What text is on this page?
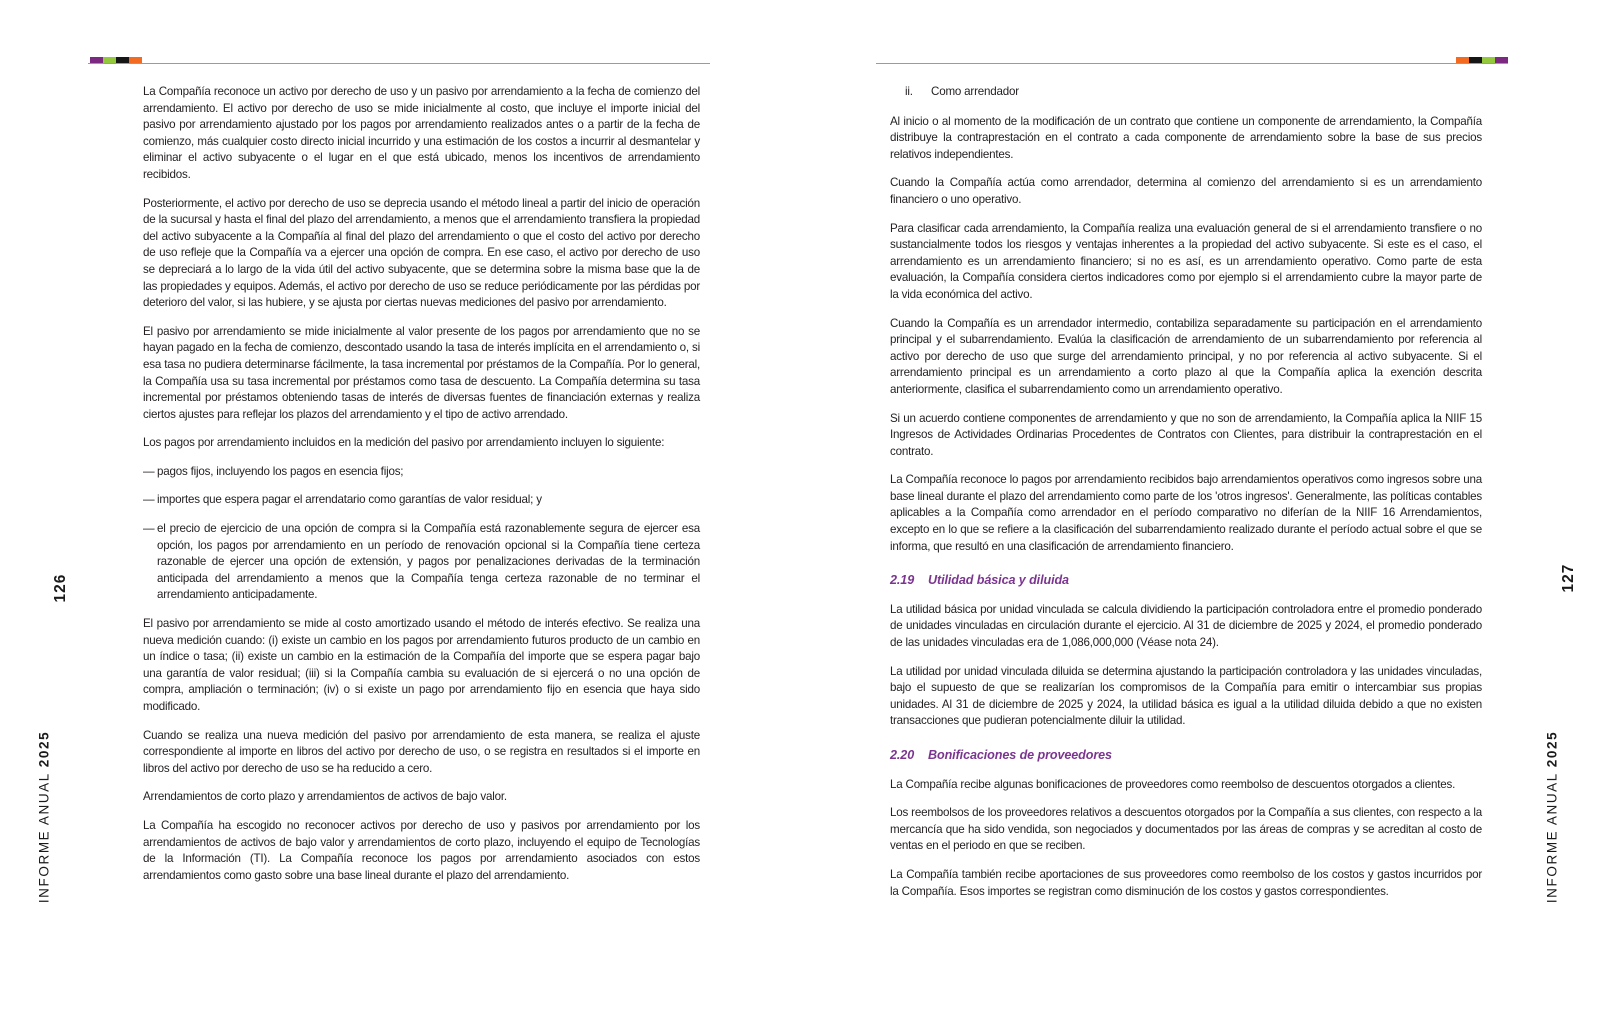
La Compañía reconoce un activo por derecho de uso y un pasivo por arrendamiento a la fecha de comienzo del arrendamiento. El activo por derecho de uso se mide inicialmente al costo, que incluye el importe inicial del pasivo por arrendamiento ajustado por los pagos por arrendamiento realizados antes o a partir de la fecha de comienzo, más cualquier costo directo inicial incurrido y una estimación de los costos a incurrir al desmantelar y eliminar el activo subyacente o el lugar en el que está ubicado, menos los incentivos de arrendamiento recibidos.

Posteriormente, el activo por derecho de uso se deprecia usando el método lineal a partir del inicio de operación de la sucursal y hasta el final del plazo del arrendamiento, a menos que el arrendamiento transfiera la propiedad del activo subyacente a la Compañía al final del plazo del arrendamiento o que el costo del activo por derecho de uso refleje que la Compañía va a ejercer una opción de compra. En ese caso, el activo por derecho de uso se depreciará a lo largo de la vida útil del activo subyacente, que se determina sobre la misma base que la de las propiedades y equipos. Además, el activo por derecho de uso se reduce periódicamente por las pérdidas por deterioro del valor, si las hubiere, y se ajusta por ciertas nuevas mediciones del pasivo por arrendamiento.

El pasivo por arrendamiento se mide inicialmente al valor presente de los pagos por arrendamiento que no se hayan pagado en la fecha de comienzo, descontado usando la tasa de interés implícita en el arrendamiento o, si esa tasa no pudiera determinarse fácilmente, la tasa incremental por préstamos de la Compañía. Por lo general, la Compañía usa su tasa incremental por préstamos como tasa de descuento. La Compañía determina su tasa incremental por préstamos obteniendo tasas de interés de diversas fuentes de financiación externas y realiza ciertos ajustes para reflejar los plazos del arrendamiento y el tipo de activo arrendado.

Los pagos por arrendamiento incluidos en la medición del pasivo por arrendamiento incluyen lo siguiente:

— pagos fijos, incluyendo los pagos en esencia fijos;
— importes que espera pagar el arrendatario como garantías de valor residual; y
— el precio de ejercicio de una opción de compra si la Compañía está razonablemente segura de ejercer esa opción, los pagos por arrendamiento en un período de renovación opcional si la Compañía tiene certeza razonable de ejercer una opción de extensión, y pagos por penalizaciones derivadas de la terminación anticipada del arrendamiento a menos que la Compañía tenga certeza razonable de no terminar el arrendamiento anticipadamente.

El pasivo por arrendamiento se mide al costo amortizado usando el método de interés efectivo. Se realiza una nueva medición cuando: (i) existe un cambio en los pagos por arrendamiento futuros producto de un cambio en un índice o tasa; (ii) existe un cambio en la estimación de la Compañía del importe que se espera pagar bajo una garantía de valor residual; (iii) si la Compañía cambia su evaluación de si ejercerá o no una opción de compra, ampliación o terminación; (iv) o si existe un pago por arrendamiento fijo en esencia que haya sido modificado.

Cuando se realiza una nueva medición del pasivo por arrendamiento de esta manera, se realiza el ajuste correspondiente al importe en libros del activo por derecho de uso, o se registra en resultados si el importe en libros del activo por derecho de uso se ha reducido a cero.

Arrendamientos de corto plazo y arrendamientos de activos de bajo valor.

La Compañía ha escogido no reconocer activos por derecho de uso y pasivos por arrendamiento por los arrendamientos de activos de bajo valor y arrendamientos de corto plazo, incluyendo el equipo de Tecnologías de la Información (TI). La Compañía reconoce los pagos por arrendamiento asociados con estos arrendamientos como gasto sobre una base lineal durante el plazo del arrendamiento.

ii. Como arrendador

Al inicio o al momento de la modificación de un contrato que contiene un componente de arrendamiento, la Compañía distribuye la contraprestación en el contrato a cada componente de arrendamiento sobre la base de sus precios relativos independientes.

Cuando la Compañía actúa como arrendador, determina al comienzo del arrendamiento si es un arrendamiento financiero o uno operativo.

Para clasificar cada arrendamiento, la Compañía realiza una evaluación general de si el arrendamiento transfiere o no sustancialmente todos los riesgos y ventajas inherentes a la propiedad del activo subyacente. Si este es el caso, el arrendamiento es un arrendamiento financiero; si no es así, es un arrendamiento operativo. Como parte de esta evaluación, la Compañía considera ciertos indicadores como por ejemplo si el arrendamiento cubre la mayor parte de la vida económica del activo.

Cuando la Compañía es un arrendador intermedio, contabiliza separadamente su participación en el arrendamiento principal y el subarrendamiento. Evalúa la clasificación de arrendamiento de un subarrendamiento por referencia al activo por derecho de uso que surge del arrendamiento principal, y no por referencia al activo subyacente. Si el arrendamiento principal es un arrendamiento a corto plazo al que la Compañía aplica la exención descrita anteriormente, clasifica el subarrendamiento como un arrendamiento operativo.

Si un acuerdo contiene componentes de arrendamiento y que no son de arrendamiento, la Compañía aplica la NIIF 15 Ingresos de Actividades Ordinarias Procedentes de Contratos con Clientes, para distribuir la contraprestación en el contrato.

La Compañía reconoce lo pagos por arrendamiento recibidos bajo arrendamientos operativos como ingresos sobre una base lineal durante el plazo del arrendamiento como parte de los 'otros ingresos'. Generalmente, las políticas contables aplicables a la Compañía como arrendador en el período comparativo no diferían de la NIIF 16 Arrendamientos, excepto en lo que se refiere a la clasificación del subarrendamiento realizado durante el período actual sobre el que se informa, que resultó en una clasificación de arrendamiento financiero.

2.19	Utilidad básica y diluida

La utilidad básica por unidad vinculada se calcula dividiendo la participación controladora entre el promedio ponderado de unidades vinculadas en circulación durante el ejercicio. Al 31 de diciembre de 2025 y 2024, el promedio ponderado de las unidades vinculadas era de 1,086,000,000 (Véase nota 24).

La utilidad por unidad vinculada diluida se determina ajustando la participación controladora y las unidades vinculadas, bajo el supuesto de que se realizarían los compromisos de la Compañía para emitir o intercambiar sus propias unidades. Al 31 de diciembre de 2025 y 2024, la utilidad básica es igual a la utilidad diluida debido a que no existen transacciones que pudieran potencialmente diluir la utilidad.

2.20	Bonificaciones de proveedores

La Compañía recibe algunas bonificaciones de proveedores como reembolso de descuentos otorgados a clientes.

Los reembolsos de los proveedores relativos a descuentos otorgados por la Compañía a sus clientes, con respecto a la mercancía que ha sido vendida, son negociados y documentados por las áreas de compras y se acreditan al costo de ventas en el periodo en que se reciben.

La Compañía también recibe aportaciones de sus proveedores como reembolso de los costos y gastos incurridos por la Compañía. Esos importes se registran como disminución de los costos y gastos correspondientes.

126
INFORME ANUAL 2025
127
INFORME ANUAL 2025
